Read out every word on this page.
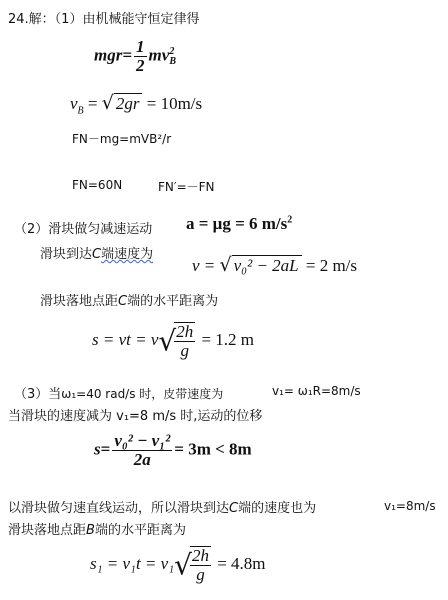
24.解：（1）由机械能守恒定律得
$mgr= \frac{1}{2}$ mv 2
B
$v_B$ = √ 2gr = 10m/s
FN－mg=mVB²/r
FN=60N	FN′=－FN
（2）滑块做匀减速运动 a = μg = 6 $m/s^2$
滑块到达C端速度为
v = √ v₀² − 2aL = 2 m/s
滑块落地点距C端的水平距离为
s = vt = v√
$\frac{2h}{g} = 1.2$ m
（3）当ω₁=40 rad/s 时，皮带速度为	v₁= ω₁R=8m/s
当滑块的速度减为 v₁=8 m/s 时,运动的位移
$s= \frac{\text{v₀² − v₁²}}{2a} = 3m < 8m$
以滑块做匀速直线运动，所以滑块到达C端的速度也为	v₁=8m/s
滑块落地点距B端的水平距离为
s₁ = v₁t = v₁√
$\frac{2h}{g} = 4.8m$
